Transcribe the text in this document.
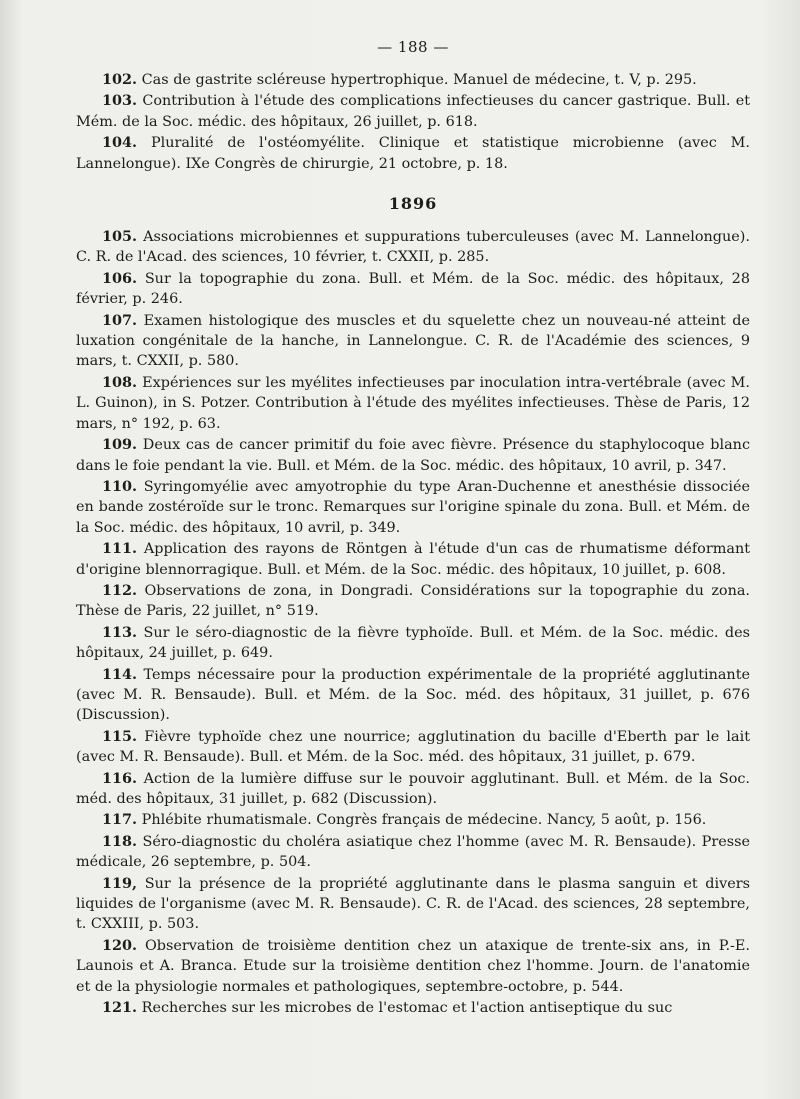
— 188 —

102. Cas de gastrite scléreuse hypertrophique. Manuel de médecine, t. V, p. 295.

103. Contribution à l'étude des complications infectieuses du cancer gastrique. Bull. et Mém. de la Soc. médic. des hôpitaux, 26 juillet, p. 618.

104. Pluralité de l'ostéomyélite. Clinique et statistique microbienne (avec M. Lannelongue). IXe Congrès de chirurgie, 21 octobre, p. 18.

1896

105. Associations microbiennes et suppurations tuberculeuses (avec M. Lannelongue). C. R. de l'Acad. des sciences, 10 février, t. CXXII, p. 285.

106. Sur la topographie du zona. Bull. et Mém. de la Soc. médic. des hôpitaux, 28 février, p. 246.

107. Examen histologique des muscles et du squelette chez un nouveau-né atteint de luxation congénitale de la hanche, in Lannelongue. C. R. de l'Académie des sciences, 9 mars, t. CXXII, p. 580.

108. Expériences sur les myélites infectieuses par inoculation intra-vertébrale (avec M. L. Guinon), in S. Potzer. Contribution à l'étude des myélites infectieuses. Thèse de Paris, 12 mars, n° 192, p. 63.

109. Deux cas de cancer primitif du foie avec fièvre. Présence du staphylocoque blanc dans le foie pendant la vie. Bull. et Mém. de la Soc. médic. des hôpitaux, 10 avril, p. 347.

110. Syringomyélie avec amyotrophie du type Aran-Duchenne et anesthésie dissociée en bande zostéroïde sur le tronc. Remarques sur l'origine spinale du zona. Bull. et Mém. de la Soc. médic. des hôpitaux, 10 avril, p. 349.

111. Application des rayons de Röntgen à l'étude d'un cas de rhumatisme déformant d'origine blennorragique. Bull. et Mém. de la Soc. médic. des hôpitaux, 10 juillet, p. 608.

112. Observations de zona, in Dongradi. Considérations sur la topographie du zona. Thèse de Paris, 22 juillet, n° 519.

113. Sur le séro-diagnostic de la fièvre typhoïde. Bull. et Mém. de la Soc. médic. des hôpitaux, 24 juillet, p. 649.

114. Temps nécessaire pour la production expérimentale de la propriété agglutinante (avec M. R. Bensaude). Bull. et Mém. de la Soc. méd. des hôpitaux, 31 juillet, p. 676 (Discussion).

115. Fièvre typhoïde chez une nourrice; agglutination du bacille d'Eberth par le lait (avec M. R. Bensaude). Bull. et Mém. de la Soc. méd. des hôpitaux, 31 juillet, p. 679.

116. Action de la lumière diffuse sur le pouvoir agglutinant. Bull. et Mém. de la Soc. méd. des hôpitaux, 31 juillet, p. 682 (Discussion).

117. Phlébite rhumatismale. Congrès français de médecine. Nancy, 5 août, p. 156.

118. Séro-diagnostic du choléra asiatique chez l'homme (avec M. R. Bensaude). Presse médicale, 26 septembre, p. 504.

119, Sur la présence de la propriété agglutinante dans le plasma sanguin et divers liquides de l'organisme (avec M. R. Bensaude). C. R. de l'Acad. des sciences, 28 septembre, t. CXXIII, p. 503.

120. Observation de troisième dentition chez un ataxique de trente-six ans, in P.-E. Launois et A. Branca. Etude sur la troisième dentition chez l'homme. Journ. de l'anatomie et de la physiologie normales et pathologiques, septembre-octobre, p. 544.

121. Recherches sur les microbes de l'estomac et l'action antiseptique du suc
